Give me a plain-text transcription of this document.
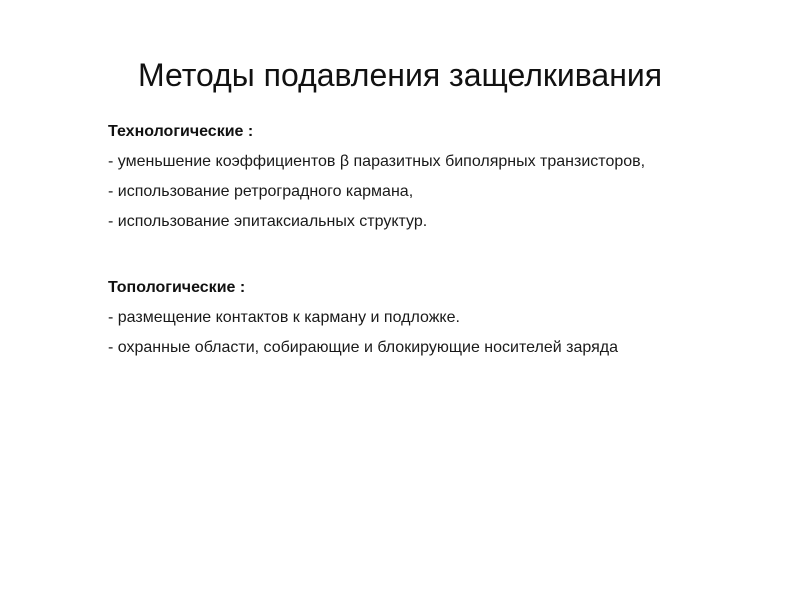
Методы подавления защелкивания

Технологические :

- уменьшение коэффициентов β паразитных биполярных транзисторов,

- использование ретроградного кармана,

- использование эпитаксиальных структур.

Топологические :

- размещение контактов к карману и подложке.

- охранные области, собирающие и блокирующие носителей заряда
